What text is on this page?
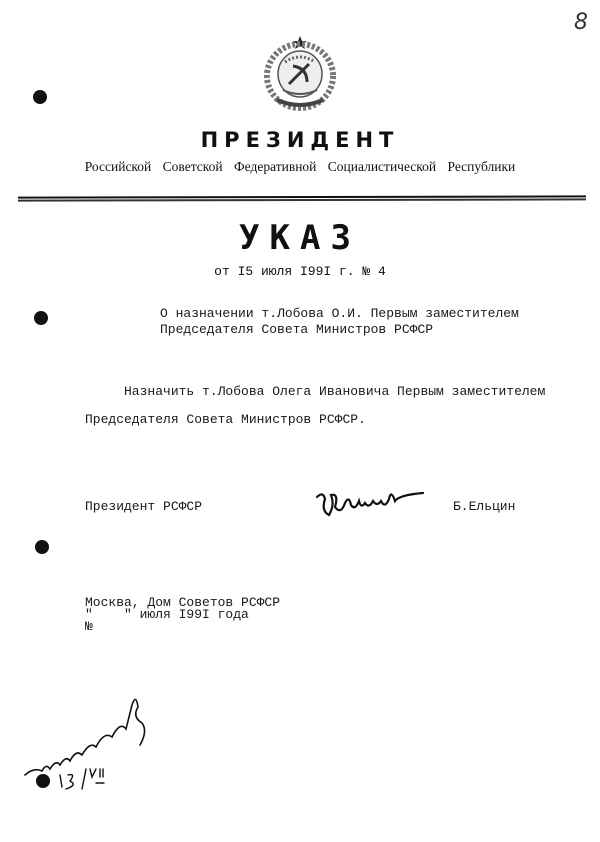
8
ПРЕЗИДЕНТ
Российской Советской Федеративной Социалистической Республики
УКАЗ
от I5 июля I99I г. № 4
О назначении т.Лобова О.И. Первым заместителем
Председателя Совета Министров РСФСР
Назначить т.Лобова Олега Ивановича Первым заместителем
Председателя Совета Министров РСФСР.
Президент РСФСР	Б.Ельцин
Москва, Дом Советов РСФСР
"    " июля I99I года
№
